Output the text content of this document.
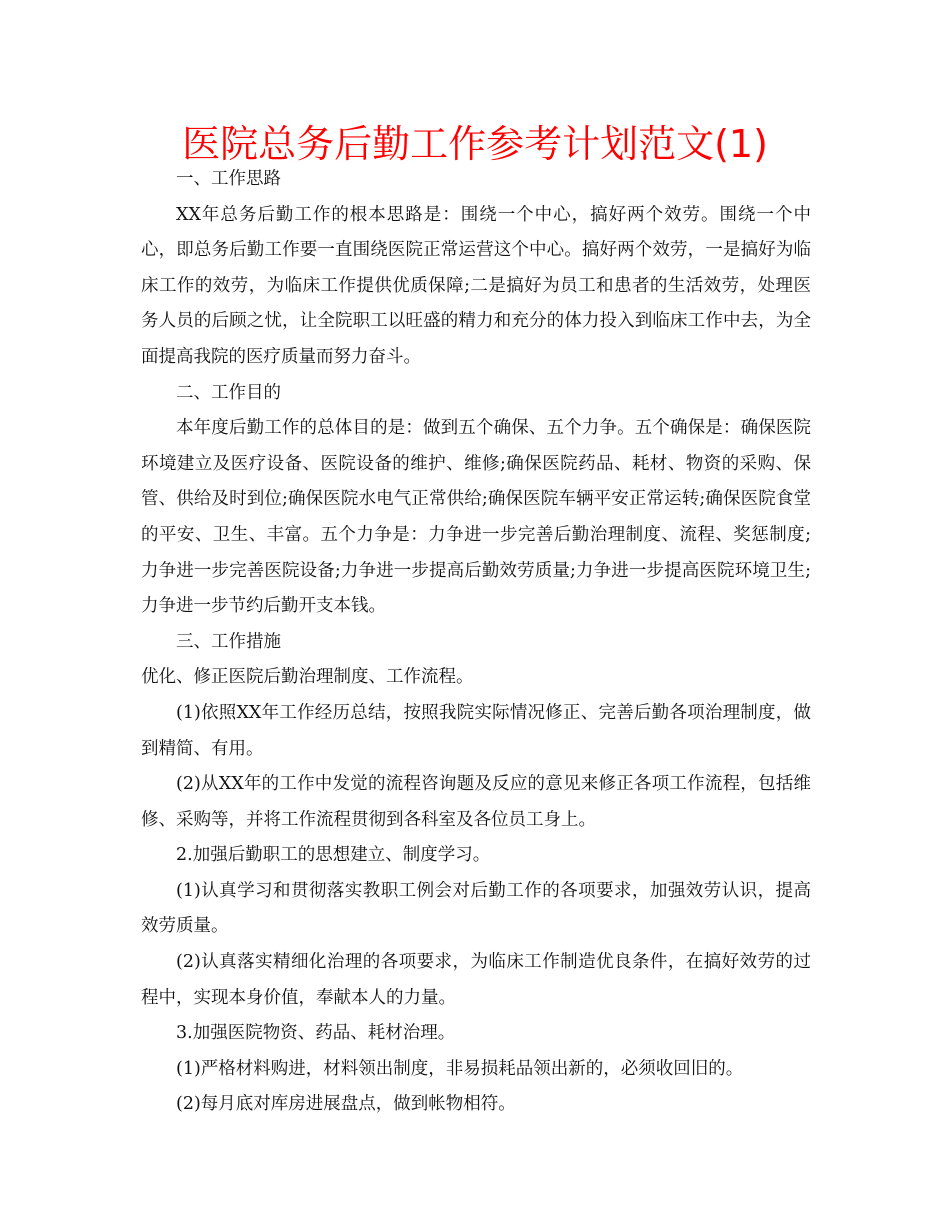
医院总务后勤工作参考计划范文(1)

一、工作思路

XX年总务后勤工作的根本思路是：围绕一个中心，搞好两个效劳。围绕一个中心，即总务后勤工作要一直围绕医院正常运营这个中心。搞好两个效劳，一是搞好为临床工作的效劳，为临床工作提供优质保障;二是搞好为员工和患者的生活效劳，处理医务人员的后顾之忧，让全院职工以旺盛的精力和充分的体力投入到临床工作中去，为全面提高我院的医疗质量而努力奋斗。

二、工作目的

本年度后勤工作的总体目的是：做到五个确保、五个力争。五个确保是：确保医院环境建立及医疗设备、医院设备的维护、维修;确保医院药品、耗材、物资的采购、保管、供给及时到位;确保医院水电气正常供给;确保医院车辆平安正常运转;确保医院食堂的平安、卫生、丰富。五个力争是：力争进一步完善后勤治理制度、流程、奖惩制度;力争进一步完善医院设备;力争进一步提高后勤效劳质量;力争进一步提高医院环境卫生;力争进一步节约后勤开支本钱。

三、工作措施

优化、修正医院后勤治理制度、工作流程。

(1)依照XX年工作经历总结，按照我院实际情况修正、完善后勤各项治理制度，做到精简、有用。

(2)从XX年的工作中发觉的流程咨询题及反应的意见来修正各项工作流程，包括维修、采购等，并将工作流程贯彻到各科室及各位员工身上。

2.加强后勤职工的思想建立、制度学习。

(1)认真学习和贯彻落实教职工例会对后勤工作的各项要求，加强效劳认识，提高效劳质量。

(2)认真落实精细化治理的各项要求，为临床工作制造优良条件，在搞好效劳的过程中，实现本身价值，奉献本人的力量。

3.加强医院物资、药品、耗材治理。

(1)严格材料购进，材料领出制度，非易损耗品领出新的，必须收回旧的。

(2)每月底对库房进展盘点，做到帐物相符。
